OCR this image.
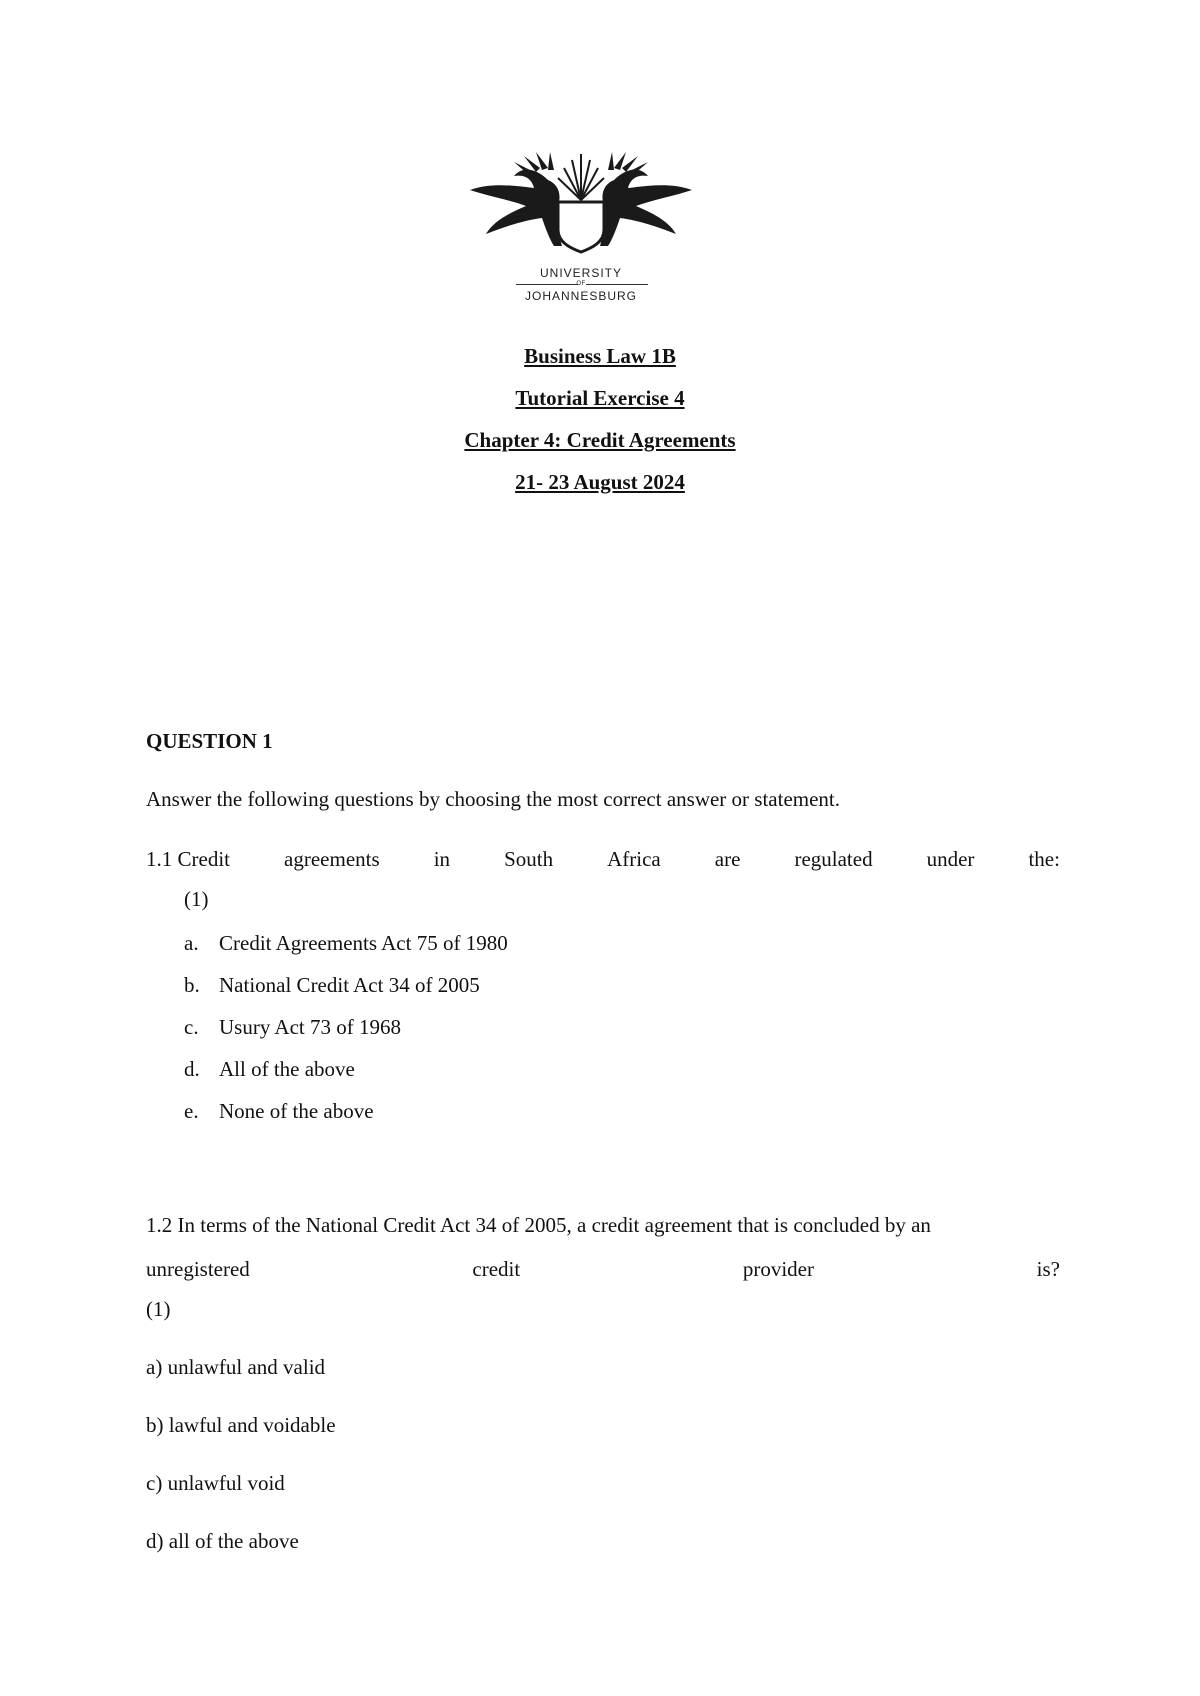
UNIVERSITY
OF
JOHANNESBURG
Business Law 1B
Tutorial Exercise 4
Chapter 4: Credit Agreements
21- 23 August 2024
QUESTION 1
Answer the following questions by choosing the most correct answer or statement.
1.1 Credit	agreements	in	South	Africa	are	regulated	under	the:
(1)
a. Credit Agreements Act 75 of 1980
b. National Credit Act 34 of 2005
c. Usury Act 73 of 1968
d. All of the above
e. None of the above
1.2 In terms of the National Credit Act 34 of 2005, a credit agreement that is concluded by an
unregistered	credit	provider	is?
(1)
a) unlawful and valid
b) lawful and voidable
c) unlawful void
d) all of the above
